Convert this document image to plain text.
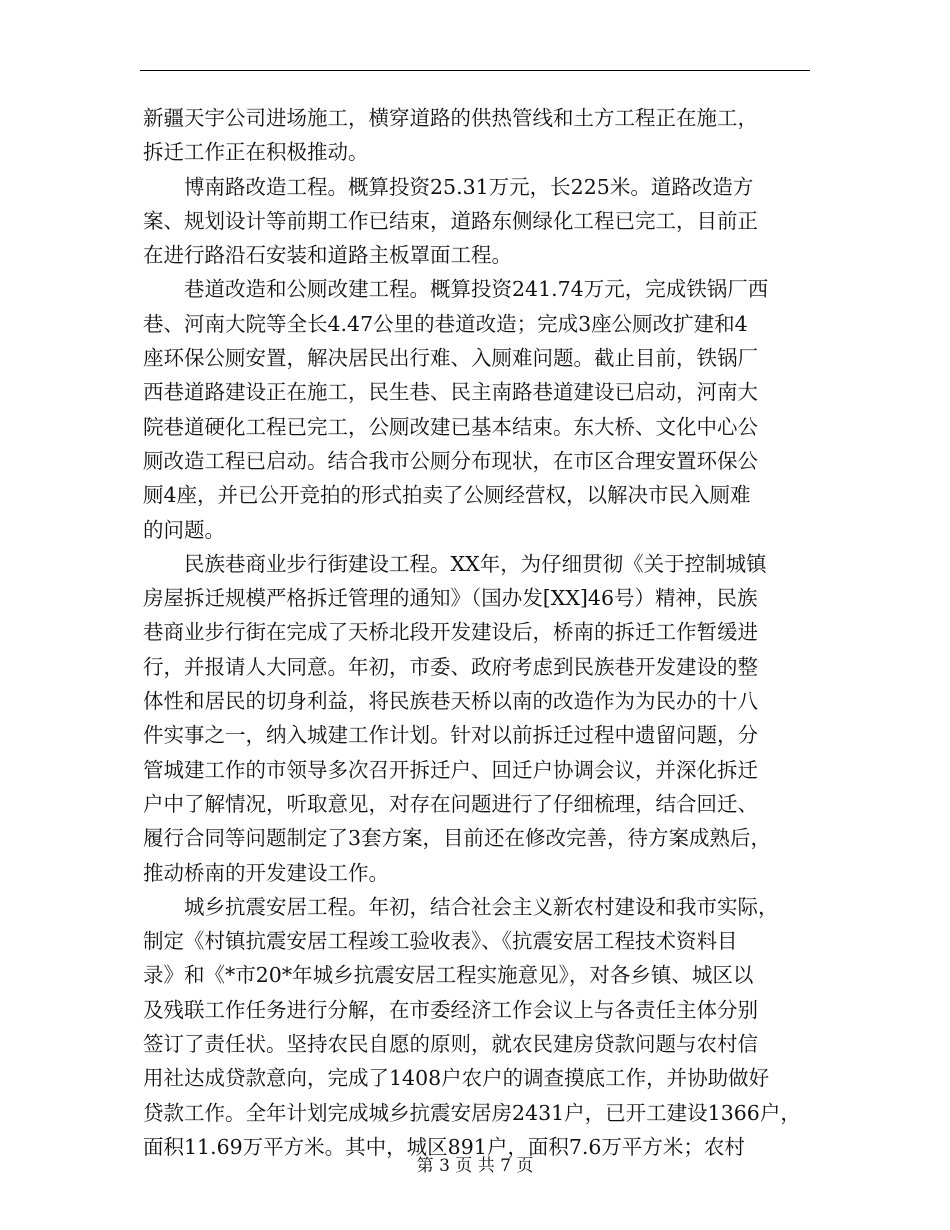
新疆天宇公司进场施工，横穿道路的供热管线和土方工程正在施工，
拆迁工作正在积极推动。
　　博南路改造工程。概算投资25.31万元，长225米。道路改造方
案、规划设计等前期工作已结束，道路东侧绿化工程已完工，目前正
在进行路沿石安装和道路主板罩面工程。
　　巷道改造和公厕改建工程。概算投资241.74万元，完成铁锅厂西
巷、河南大院等全长4.47公里的巷道改造；完成3座公厕改扩建和4
座环保公厕安置，解决居民出行难、入厕难问题。截止目前，铁锅厂
西巷道路建设正在施工，民生巷、民主南路巷道建设已启动，河南大
院巷道硬化工程已完工，公厕改建已基本结束。东大桥、文化中心公
厕改造工程已启动。结合我市公厕分布现状，在市区合理安置环保公
厕4座，并已公开竞拍的形式拍卖了公厕经营权，以解决市民入厕难
的问题。
　　民族巷商业步行街建设工程。XX年，为仔细贯彻《关于控制城镇
房屋拆迁规模严格拆迁管理的通知》（国办发[XX]46号）精神，民族
巷商业步行街在完成了天桥北段开发建设后，桥南的拆迁工作暂缓进
行，并报请人大同意。年初，市委、政府考虑到民族巷开发建设的整
体性和居民的切身利益，将民族巷天桥以南的改造作为为民办的十八
件实事之一，纳入城建工作计划。针对以前拆迁过程中遗留问题，分
管城建工作的市领导多次召开拆迁户、回迁户协调会议，并深化拆迁
户中了解情况，听取意见，对存在问题进行了仔细梳理，结合回迁、
履行合同等问题制定了3套方案，目前还在修改完善，待方案成熟后，
推动桥南的开发建设工作。
　　城乡抗震安居工程。年初，结合社会主义新农村建设和我市实际，
制定《村镇抗震安居工程竣工验收表》、《抗震安居工程技术资料目
录》和《*市20*年城乡抗震安居工程实施意见》，对各乡镇、城区以
及残联工作任务进行分解，在市委经济工作会议上与各责任主体分别
签订了责任状。坚持农民自愿的原则，就农民建房贷款问题与农村信
用社达成贷款意向，完成了1408户农户的调查摸底工作，并协助做好
贷款工作。全年计划完成城乡抗震安居房2431户，已开工建设1366户，
面积11.69万平方米。其中，城区891户，面积7.6万平方米；农村
第 3 页 共 7 页
